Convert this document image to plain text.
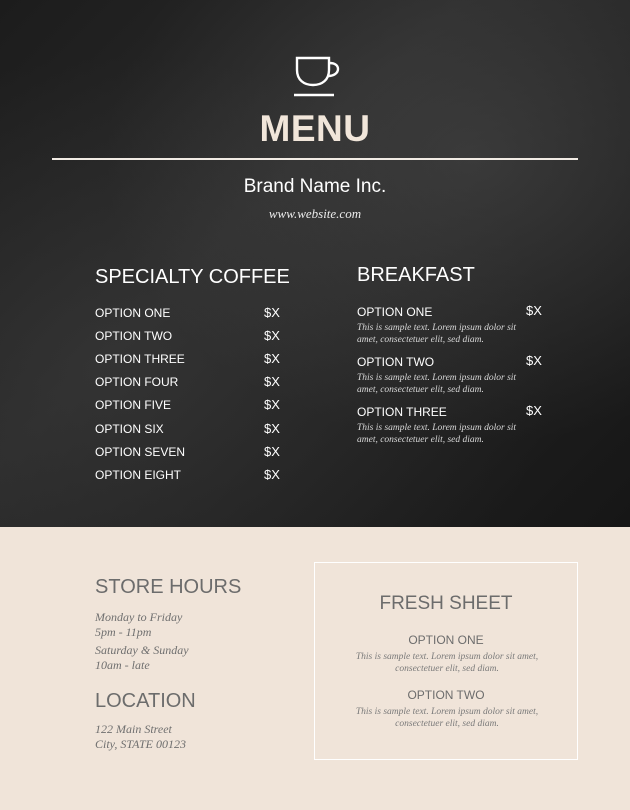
MENU
Brand Name Inc.
www.website.com
SPECIALTY COFFEE
OPTION ONE	$X
OPTION TWO	$X
OPTION THREE	$X
OPTION FOUR	$X
OPTION FIVE	$X
OPTION SIX	$X
OPTION SEVEN	$X
OPTION EIGHT	$X
BREAKFAST
OPTION ONE	$X
This is sample text. Lorem ipsum dolor sit amet, consectetuer elit, sed diam.
OPTION TWO	$X
This is sample text. Lorem ipsum dolor sit amet, consectetuer elit, sed diam.
OPTION THREE	$X
This is sample text. Lorem ipsum dolor sit amet, consectetuer elit, sed diam.
STORE HOURS
Monday to Friday
5pm - 11pm
Saturday & Sunday
10am - late
LOCATION
122 Main Street
City, STATE 00123
FRESH SHEET
OPTION ONE
This is sample text. Lorem ipsum dolor sit amet, consectetuer elit, sed diam.
OPTION TWO
This is sample text. Lorem ipsum dolor sit amet, consectetuer elit, sed diam.
